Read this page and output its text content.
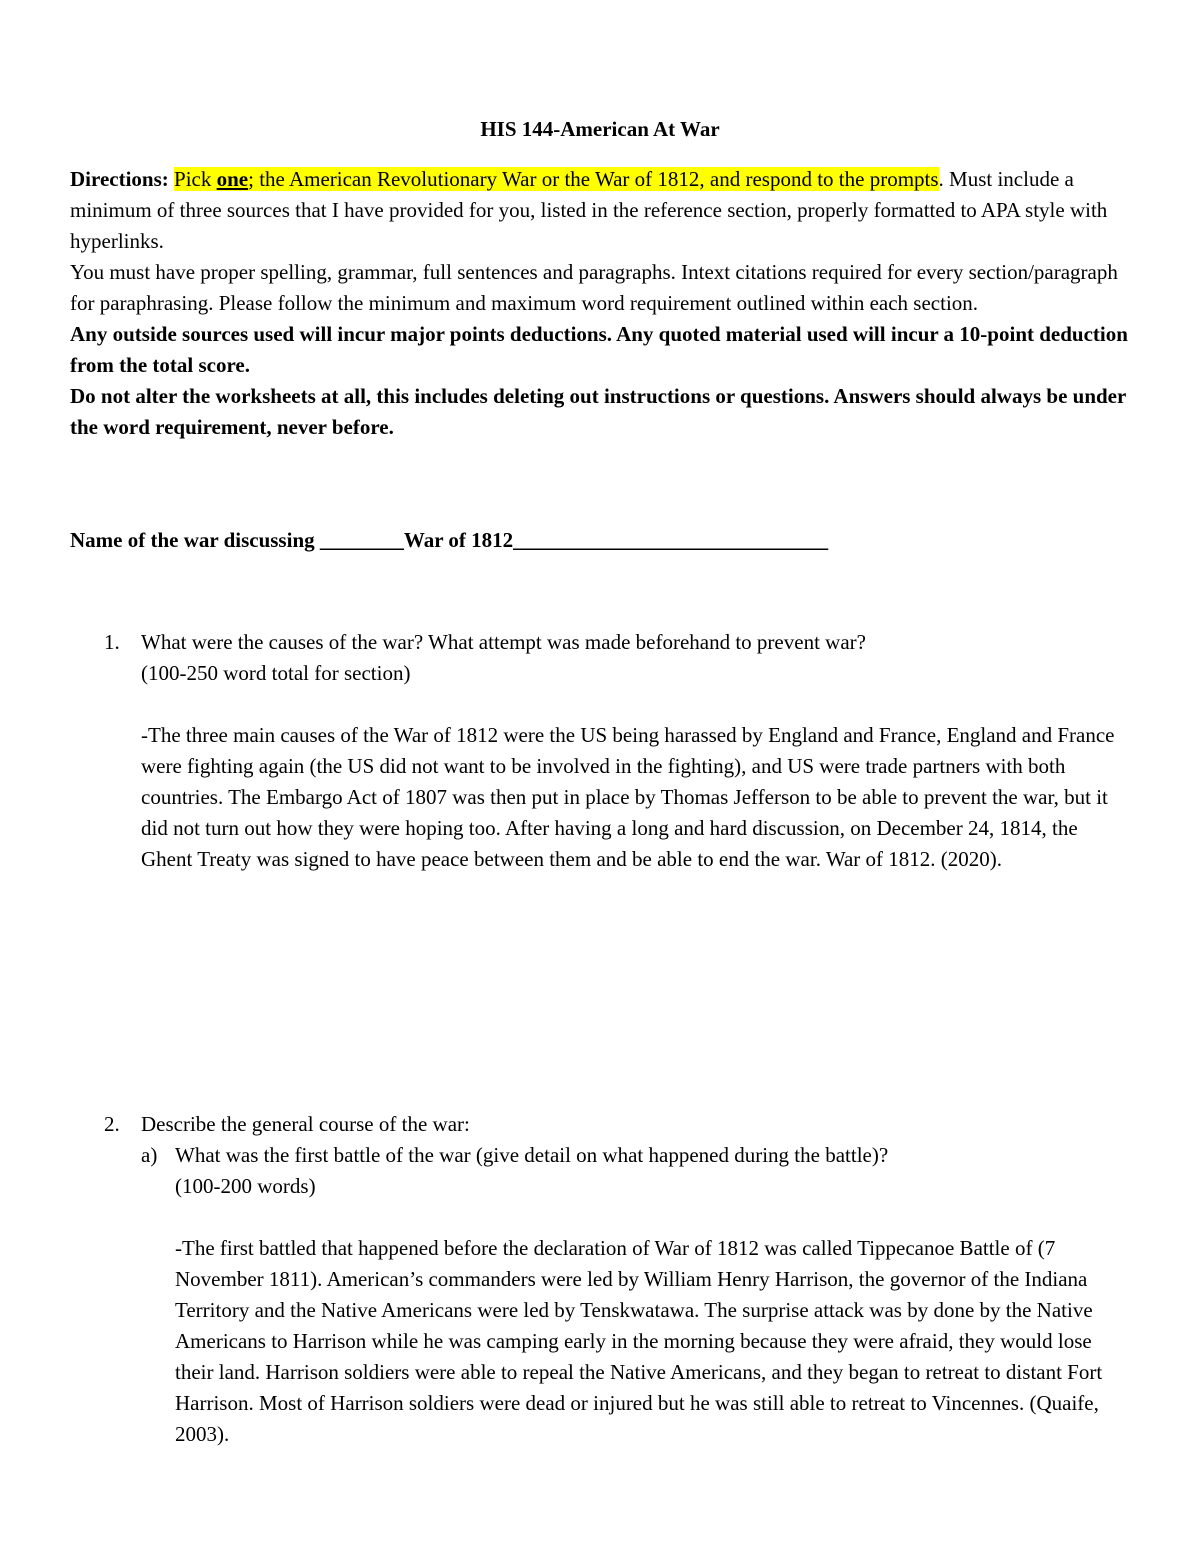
HIS 144-American At War

Directions: Pick one; the American Revolutionary War or the War of 1812, and respond to the prompts. Must include a minimum of three sources that I have provided for you, listed in the reference section, properly formatted to APA style with hyperlinks.

You must have proper spelling, grammar, full sentences and paragraphs. Intext citations required for every section/paragraph for paraphrasing. Please follow the minimum and maximum word requirement outlined within each section.

Any outside sources used will incur major points deductions. Any quoted material used will incur a 10-point deduction from the total score.

Do not alter the worksheets at all, this includes deleting out instructions or questions. Answers should always be under the word requirement, never before.

Name of the war discussing ________War of 1812______________________________
1. What were the causes of the war? What attempt was made beforehand to prevent war?

(100-250 word total for section)

-The three main causes of the War of 1812 were the US being harassed by England and France, England and France were fighting again (the US did not want to be involved in the fighting), and US were trade partners with both countries. The Embargo Act of 1807 was then put in place by Thomas Jefferson to be able to prevent the war, but it did not turn out how they were hoping too. After having a long and hard discussion, on December 24, 1814, the Ghent Treaty was signed to have peace between them and be able to end the war. War of 1812. (2020).

2. Describe the general course of the war:

a) What was the first battle of the war (give detail on what happened during the battle)?

(100-200 words)

-The first battled that happened before the declaration of War of 1812 was called Tippecanoe Battle of (7 November 1811). American’s commanders were led by William Henry Harrison, the governor of the Indiana Territory and the Native Americans were led by Tenskwatawa. The surprise attack was by done by the Native Americans to Harrison while he was camping early in the morning because they were afraid, they would lose their land. Harrison soldiers were able to repeal the Native Americans, and they began to retreat to distant Fort Harrison. Most of Harrison soldiers were dead or injured but he was still able to retreat to Vincennes. (Quaife, 2003).
